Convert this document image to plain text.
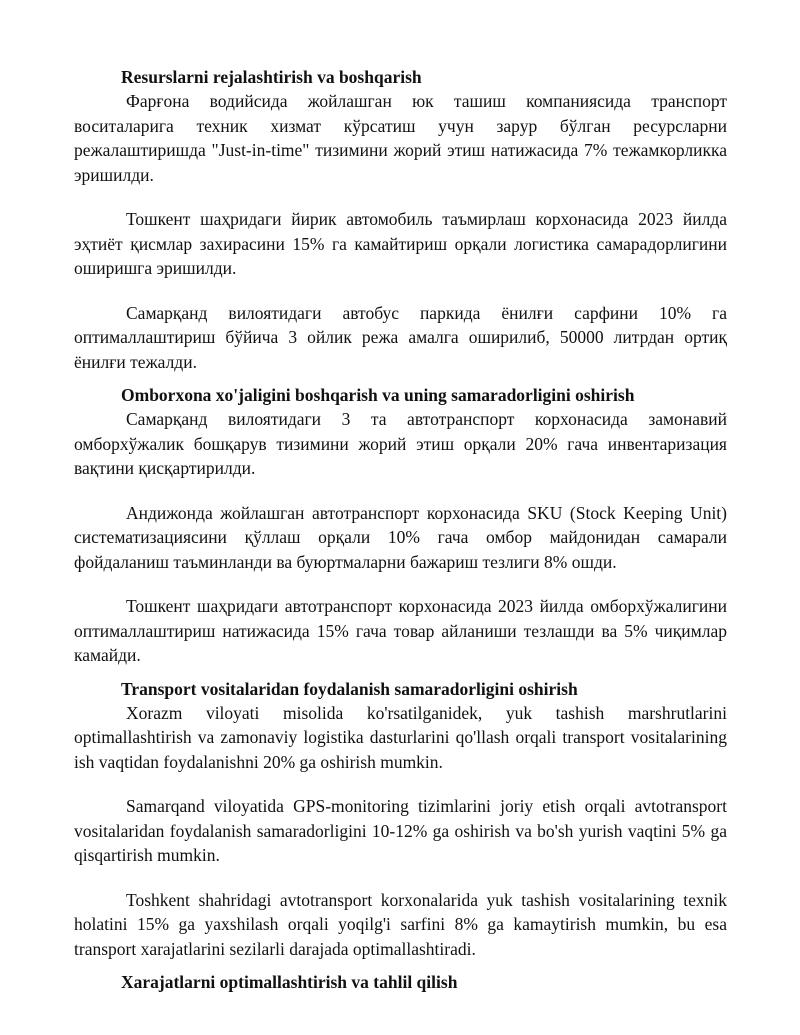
Resurslarni rejalashtirish va boshqarish

Фарғона водийсида жойлашган юк ташиш компаниясида транспорт воситаларига техник хизмат кўрсатиш учун зарур бўлган ресурсларни режалаштиришда "Just-in-time" тизимини жорий этиш натижасида 7% тежамкорликка эришилди.

Тошкент шаҳридаги йирик автомобиль таъмирлаш корхонасида 2023 йилда эҳтиёт қисмлар захирасини 15% га камайтириш орқали логистика самарадорлигини оширишга эришилди.

Самарқанд вилоятидаги автобус паркида ёнилғи сарфини 10% га оптималлаштириш бўйича 3 ойлик режа амалга оширилиб, 50000 литрдан ортиқ ёнилғи тежалди.

Omborxona xo'jaligini boshqarish va uning samaradorligini oshirish

Самарқанд вилоятидаги 3 та автотранспорт корхонасида замонавий омборхўжалик бошқарув тизимини жорий этиш орқали 20% гача инвентаризация вақтини қисқартирилди.

Андижонда жойлашган автотранспорт корхонасида SKU (Stock Keeping Unit) систематизациясини қўллаш орқали 10% гача омбор майдонидан самарали фойдаланиш таъминланди ва буюртмаларни бажариш тезлиги 8% ошди.

Тошкент шаҳридаги автотранспорт корхонасида 2023 йилда омборхўжалигини оптималлаштириш натижасида 15% гача товар айланиши тезлашди ва 5% чиқимлар камайди.

Transport vositalaridan foydalanish samaradorligini oshirish

Xorazm viloyati misolida ko'rsatilganidek, yuk tashish marshrutlarini optimallashtirish va zamonaviy logistika dasturlarini qo'llash orqali transport vositalarining ish vaqtidan foydalanishni 20% ga oshirish mumkin.

Samarqand viloyatida GPS-monitoring tizimlarini joriy etish orqali avtotransport vositalaridan foydalanish samaradorligini 10-12% ga oshirish va bo'sh yurish vaqtini 5% ga qisqartirish mumkin.

Toshkent shahridagi avtotransport korxonalarida yuk tashish vositalarining texnik holatini 15% ga yaxshilash orqali yoqilg'i sarfini 8% ga kamaytirish mumkin, bu esa transport xarajatlarini sezilarli darajada optimallashtiradi.

Xarajatlarni optimallashtirish va tahlil qilish
